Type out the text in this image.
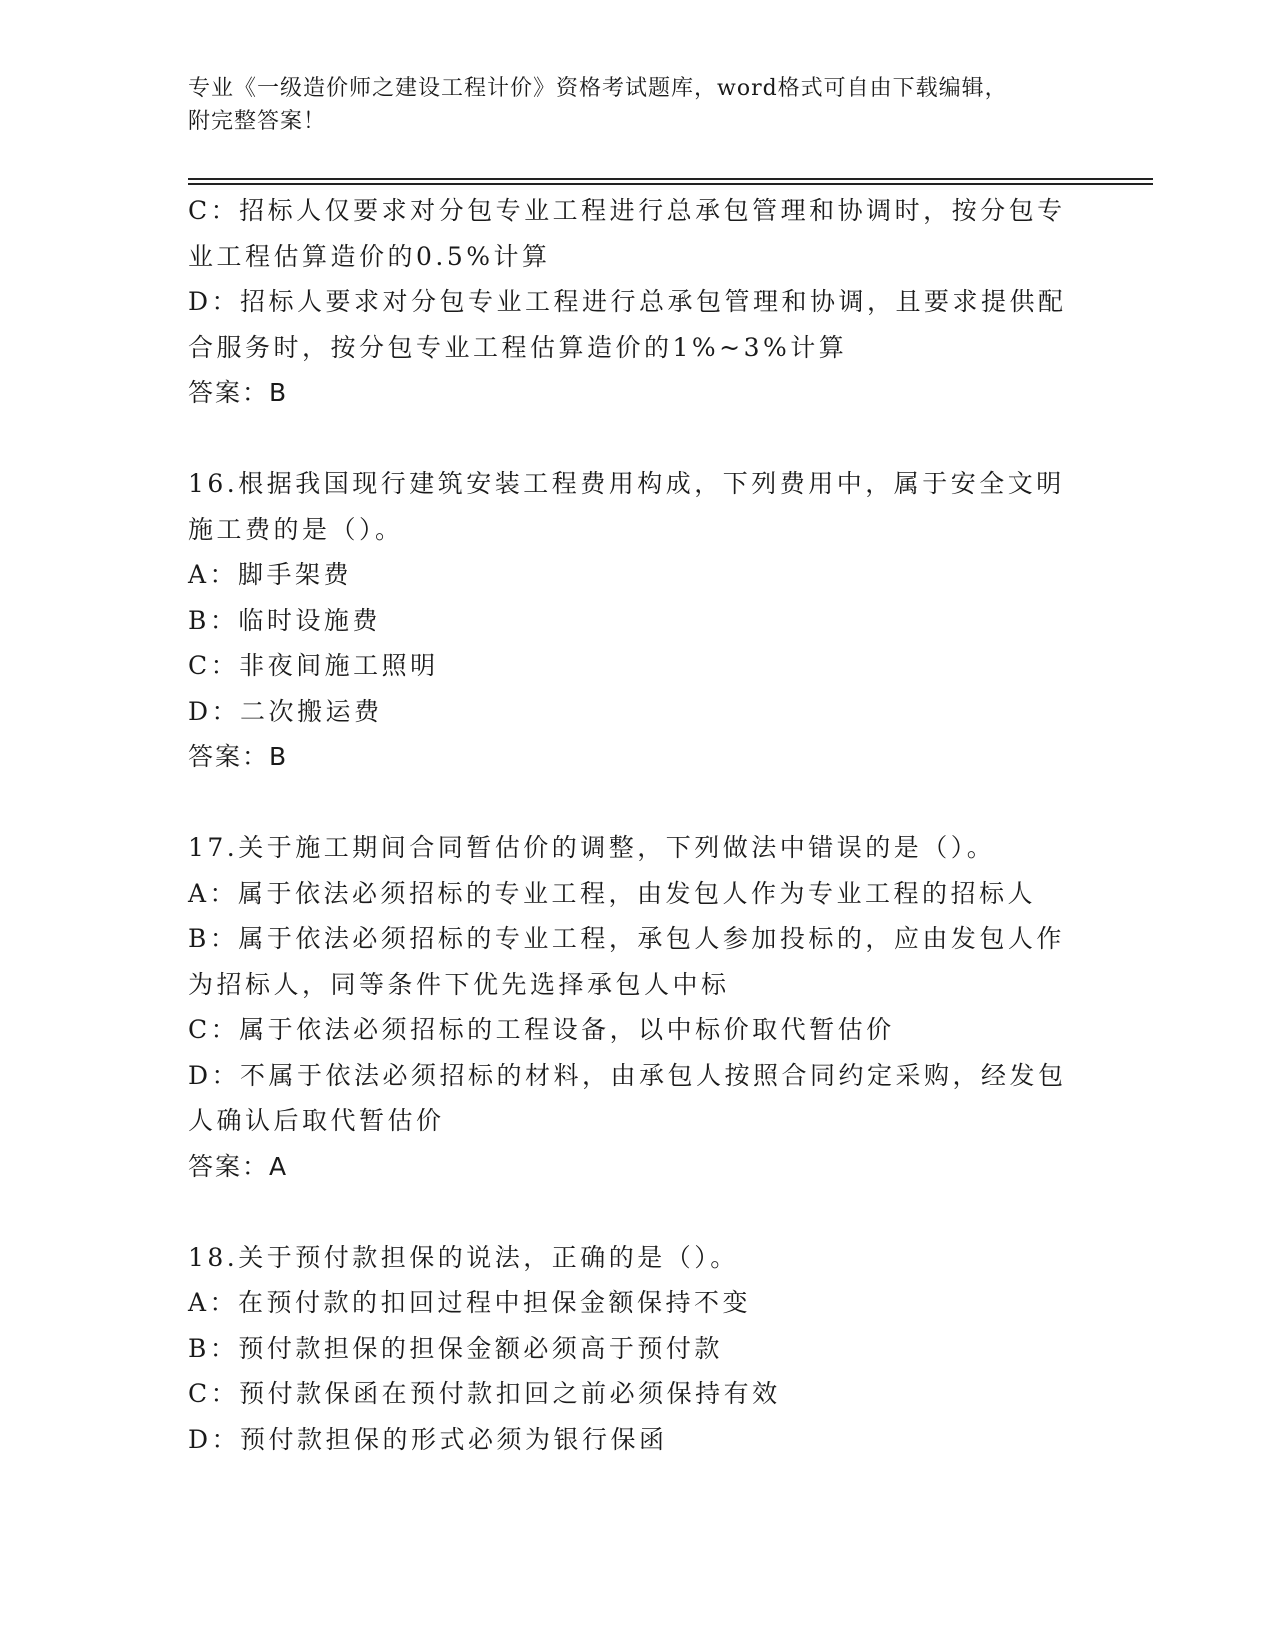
专业《一级造价师之建设工程计价》资格考试题库，word格式可自由下载编辑，
附完整答案！
C：招标人仅要求对分包专业工程进行总承包管理和协调时，按分包专
业工程估算造价的0.5%计算
D：招标人要求对分包专业工程进行总承包管理和协调，且要求提供配
合服务时，按分包专业工程估算造价的1%~3%计算
答案：B
16.根据我国现行建筑安装工程费用构成，下列费用中，属于安全文明
施工费的是（）。
A：脚手架费
B：临时设施费
C：非夜间施工照明
D：二次搬运费
答案：B
17.关于施工期间合同暂估价的调整，下列做法中错误的是（）。
A：属于依法必须招标的专业工程，由发包人作为专业工程的招标人
B：属于依法必须招标的专业工程，承包人参加投标的，应由发包人作
为招标人，同等条件下优先选择承包人中标
C：属于依法必须招标的工程设备，以中标价取代暂估价
D：不属于依法必须招标的材料，由承包人按照合同约定采购，经发包
人确认后取代暂估价
答案：A
18.关于预付款担保的说法，正确的是（）。
A：在预付款的扣回过程中担保金额保持不变
B：预付款担保的担保金额必须高于预付款
C：预付款保函在预付款扣回之前必须保持有效
D：预付款担保的形式必须为银行保函
